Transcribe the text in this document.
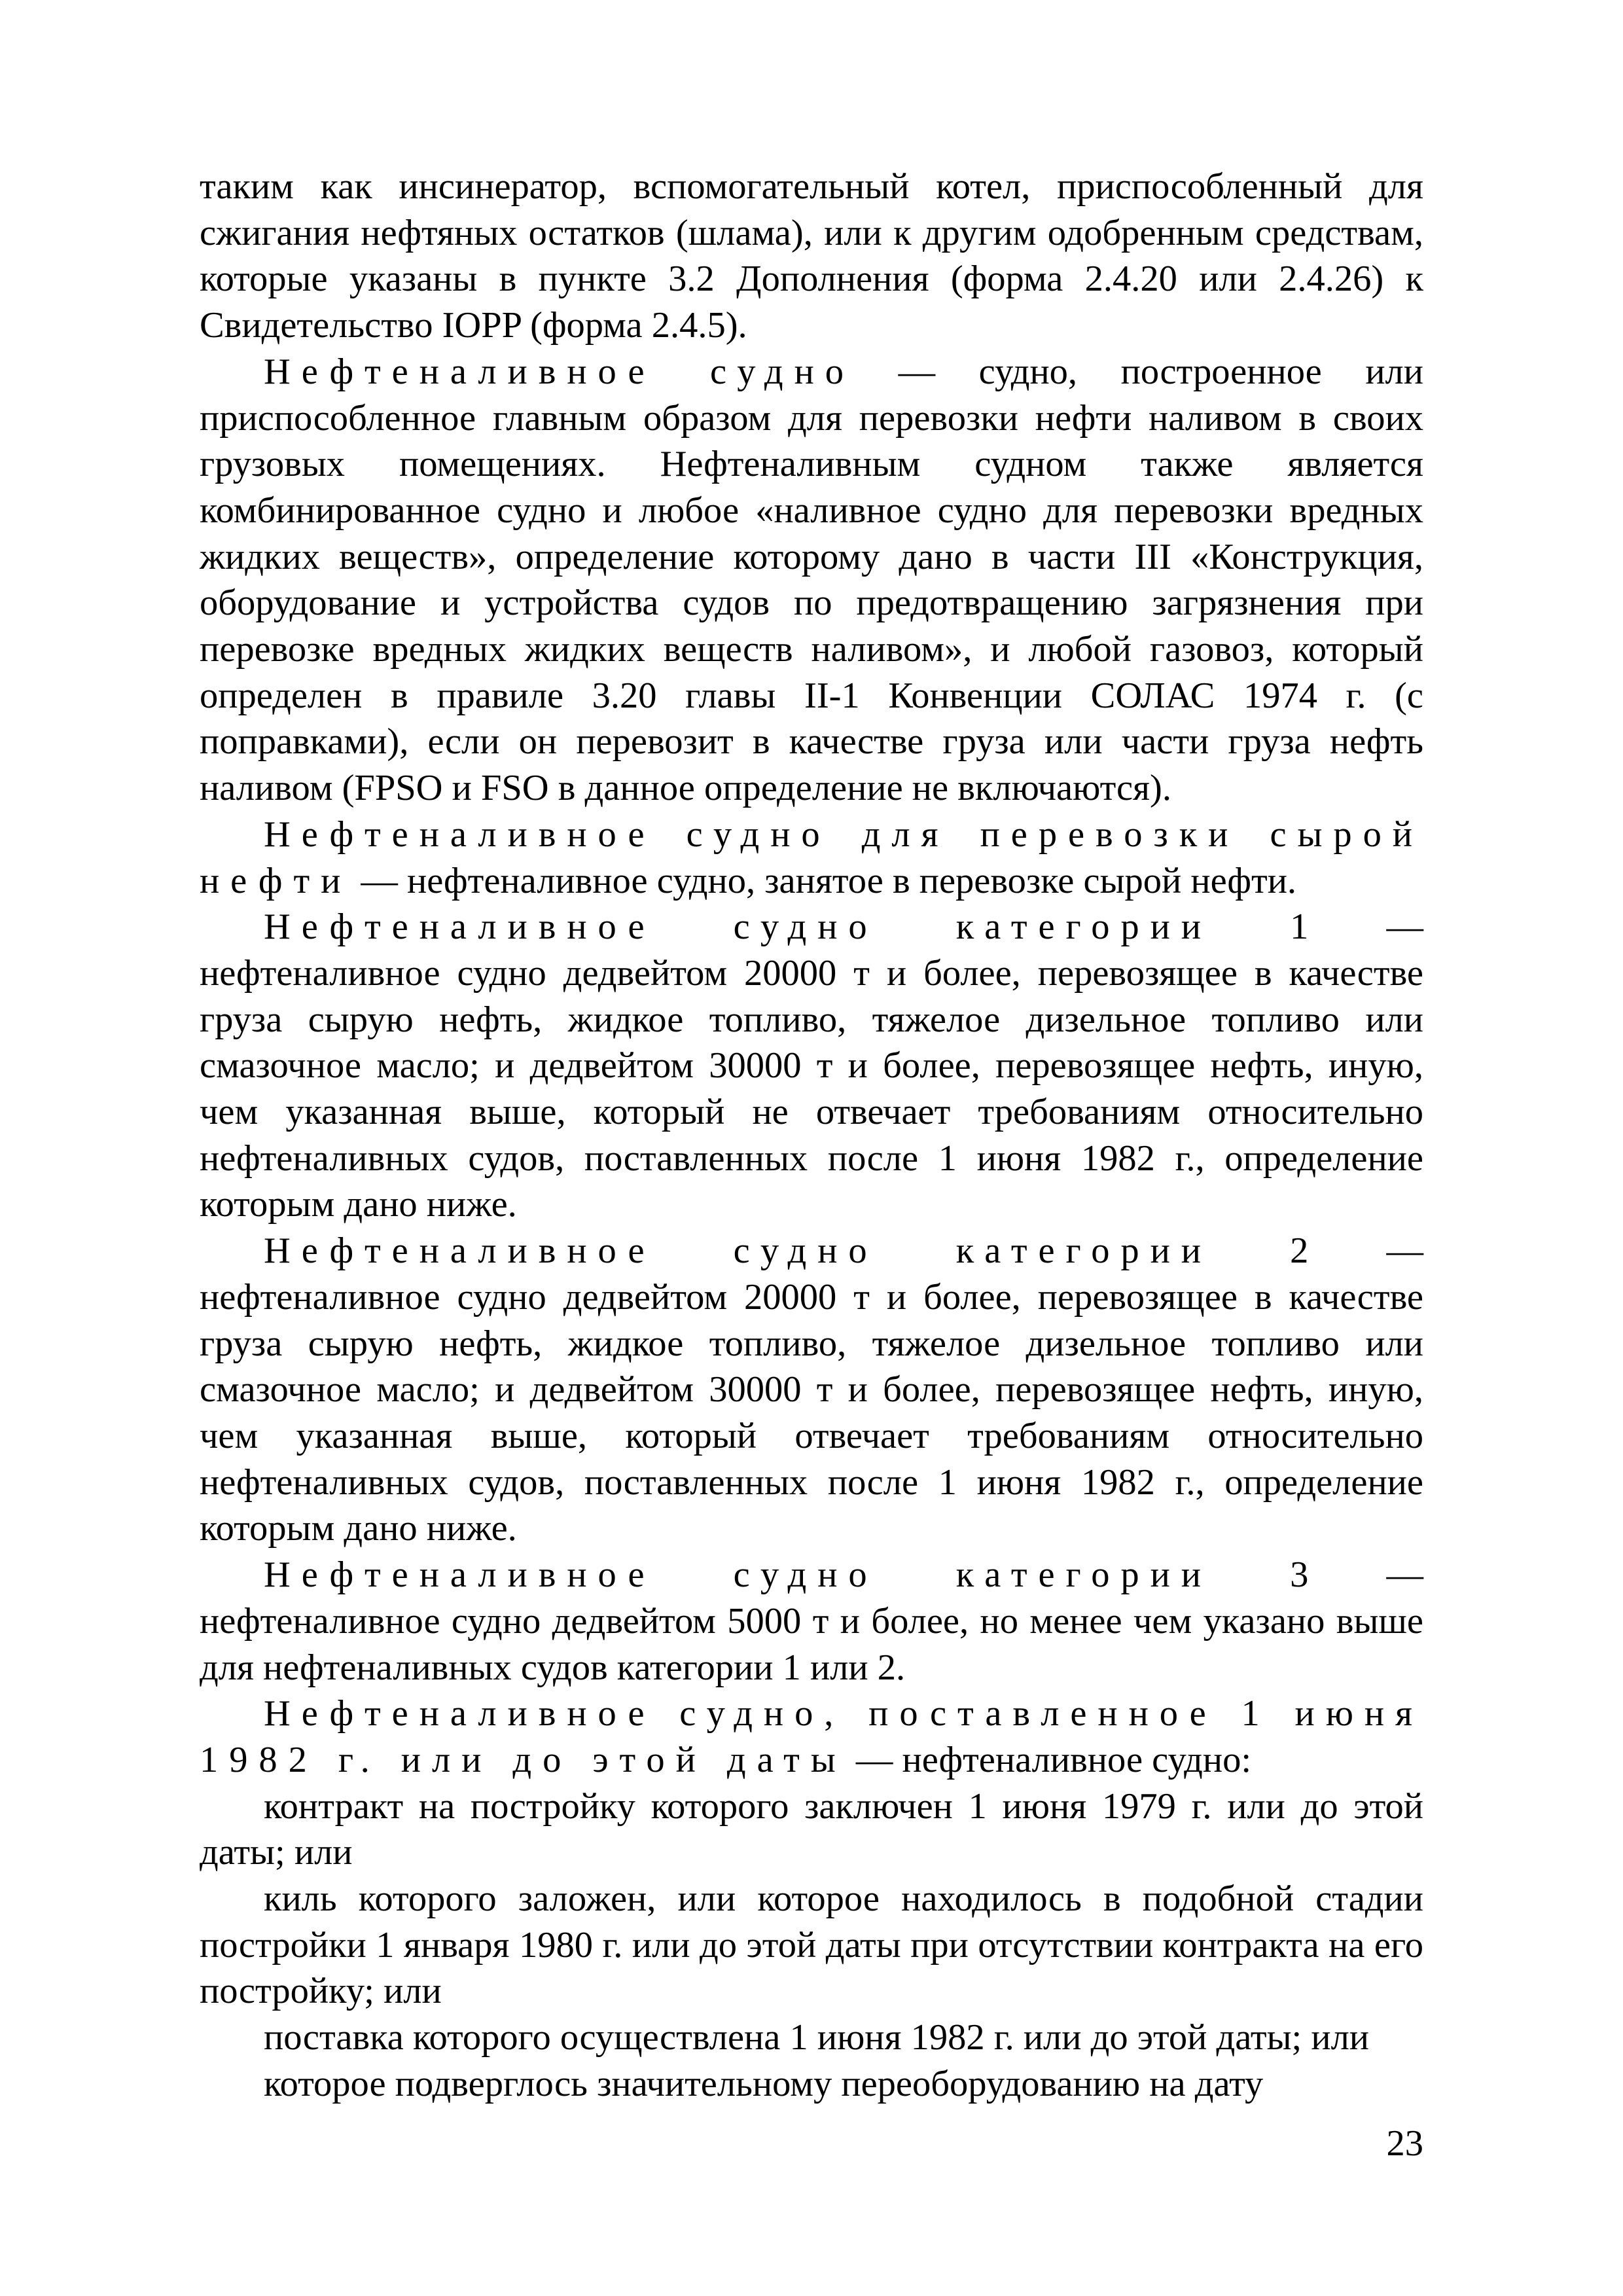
таким как инсинератор, вспомогательный котел, приспособленный для сжигания нефтяных остатков (шлама), или к другим одобренным средствам, которые указаны в пункте 3.2 Дополнения (форма 2.4.20 или 2.4.26) к Свидетельство IOPP (форма 2.4.5).

Нефтеналивное судно — судно, построенное или приспособленное главным образом для перевозки нефти наливом в своих грузовых помещениях. Нефтеналивным судном также является комбинированное судно и любое «наливное судно для перевозки вредных жидких веществ», определение которому дано в части III «Конструкция, оборудование и устройства судов по предотвращению загрязнения при перевозке вредных жидких веществ наливом», и любой газовоз, который определен в правиле 3.20 главы II-1 Конвенции СОЛАС 1974 г. (с поправками), если он перевозит в качестве груза или части груза нефть наливом (FPSO и FSO в данное определение не включаются).

Нефтеналивное судно для перевозки сырой нефти — нефтеналивное судно, занятое в перевозке сырой нефти.

Нефтеналивное судно категории 1 — нефтеналивное судно дедвейтом 20000 т и более, перевозящее в качестве груза сырую нефть, жидкое топливо, тяжелое дизельное топливо или смазочное масло; и дедвейтом 30000 т и более, перевозящее нефть, иную, чем указанная выше, который не отвечает требованиям относительно нефтеналивных судов, поставленных после 1 июня 1982 г., определение которым дано ниже.

Нефтеналивное судно категории 2 — нефтеналивное судно дедвейтом 20000 т и более, перевозящее в качестве груза сырую нефть, жидкое топливо, тяжелое дизельное топливо или смазочное масло; и дедвейтом 30000 т и более, перевозящее нефть, иную, чем указанная выше, который отвечает требованиям относительно нефтеналивных судов, поставленных после 1 июня 1982 г., определение которым дано ниже.

Нефтеналивное судно категории 3 — нефтеналивное судно дедвейтом 5000 т и более, но менее чем указано выше для нефтеналивных судов категории 1 или 2.

Нефтеналивное судно, поставленное 1 июня 1982 г. или до этой даты — нефтеналивное судно:

контракт на постройку которого заключен 1 июня 1979 г. или до этой даты; или

киль которого заложен, или которое находилось в подобной стадии постройки 1 января 1980 г. или до этой даты при отсутствии контракта на его постройку; или

поставка которого осуществлена 1 июня 1982 г. или до этой даты; или

которое подверглось значительному переоборудованию на дату

23
